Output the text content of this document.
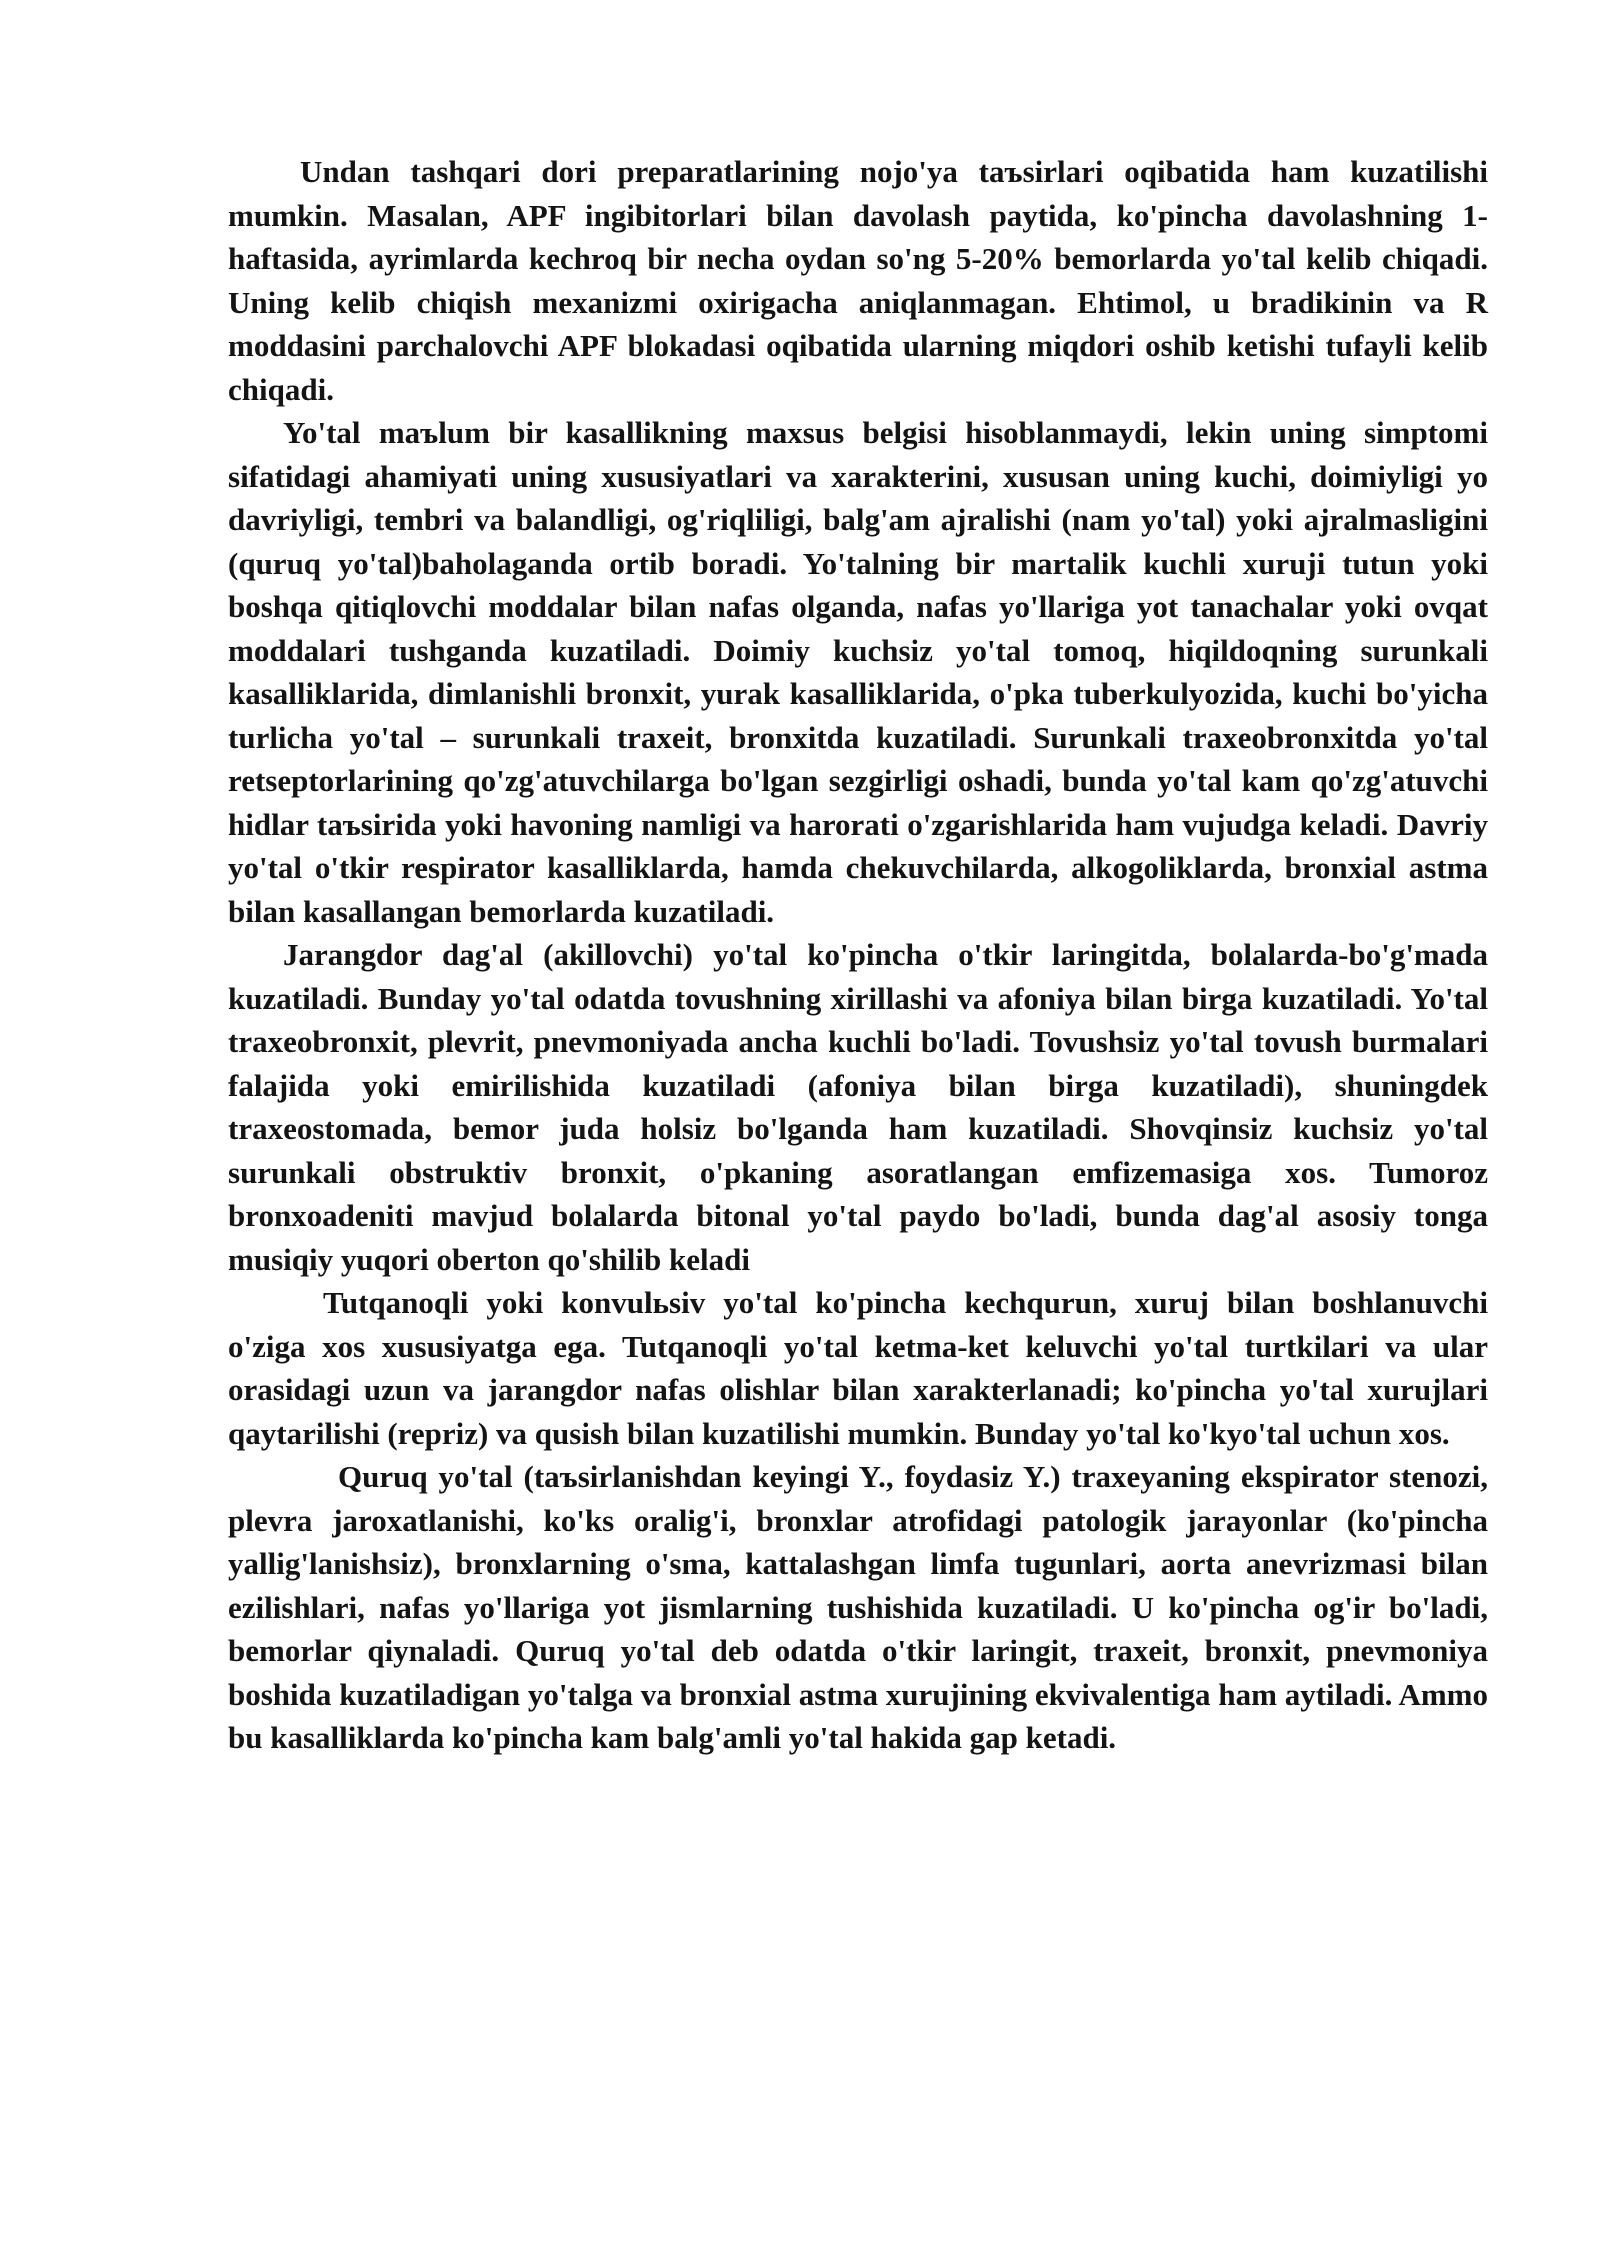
Undan tashqari dori preparatlarining nojo'ya taъsirlari oqibatida ham kuzatilishi mumkin. Masalan, APF ingibitorlari bilan davolash paytida, ko'pincha davolashning 1- haftasida, ayrimlarda kechroq bir necha oydan so'ng 5-20% bemorlarda yo'tal kelib chiqadi. Uning kelib chiqish mexanizmi oxirigacha aniqlanmagan. Ehtimol, u bradikinin va R moddasini parchalovchi APF blokadasi oqibatida ularning miqdori oshib ketishi tufayli kelib chiqadi.

Yo'tal maъlum bir kasallikning maxsus belgisi hisoblanmaydi, lekin uning simptomi sifatidagi ahamiyati uning xususiyatlari va xarakterini, xususan uning kuchi, doimiyligi yo davriyligi, tembri va balandligi, og'riqliligi, balg'am ajralishi (nam yo'tal) yoki ajralmasligini (quruq yo'tal)baholaganda ortib boradi. Yo'talning bir martalik kuchli xuruji tutun yoki boshqa qitiqlovchi moddalar bilan nafas olganda, nafas yo'llariga yot tanachalar yoki ovqat moddalari tushganda kuzatiladi. Doimiy kuchsiz yo'tal tomoq, hiqildoqning surunkali kasalliklarida, dimlanishli bronxit, yurak kasalliklarida, o'pka tuberkulyozida, kuchi bo'yicha turlicha yo'tal – surunkali traxeit, bronxitda kuzatiladi. Surunkali traxeobronxitda yo'tal retseptorlarining qo'zg'atuvchilarga bo'lgan sezgirligi oshadi, bunda yo'tal kam qo'zg'atuvchi hidlar taъsirida yoki havoning namligi va harorati o'zgarishlarida ham vujudga keladi. Davriy yo'tal o'tkir respirator kasalliklarda, hamda chekuvchilarda, alkogoliklarda, bronxial astma bilan kasallangan bemorlarda kuzatiladi.

Jarangdor dag'al (akillovchi) yo'tal ko'pincha o'tkir laringitda, bolalarda-bo'g'mada kuzatiladi. Bunday yo'tal odatda tovushning xirillashi va afoniya bilan birga kuzatiladi. Yo'tal traxeobronxit, plevrit, pnevmoniyada ancha kuchli bo'ladi. Tovushsiz yo'tal tovush burmalari falajida yoki emirilishida kuzatiladi (afoniya bilan birga kuzatiladi), shuningdek traxeostomada, bemor juda holsiz bo'lganda ham kuzatiladi. Shovqinsiz kuchsiz yo'tal surunkali obstruktiv bronxit, o'pkaning asoratlangan emfizemasiga xos. Tumoroz bronxoadeniti mavjud bolalarda bitonal yo'tal paydo bo'ladi, bunda dag'al asosiy tonga musiqiy yuqori oberton qo'shilib keladi

Tutqanoqli yoki konvulьsiv yo'tal ko'pincha kechqurun, xuruj bilan boshlanuvchi o'ziga xos xususiyatga ega. Tutqanoqli yo'tal ketma-ket keluvchi yo'tal turtkilari va ular orasidagi uzun va jarangdor nafas olishlar bilan xarakterlanadi; ko'pincha yo'tal xurujlari qaytarilishi (repriz) va qusish bilan kuzatilishi mumkin. Bunday yo'tal ko'kyo'tal uchun xos.

Quruq yo'tal (taъsirlanishdan keyingi Y., foydasiz Y.) traxeyaning ekspirator stenozi, plevra jaroxatlanishi, ko'ks oralig'i, bronxlar atrofidagi patologik jarayonlar (ko'pincha yallig'lanishsiz), bronxlarning o'sma, kattalashgan limfa tugunlari, aorta anevrizmasi bilan ezilishlari, nafas yo'llariga yot jismlarning tushishida kuzatiladi. U ko'pincha og'ir bo'ladi, bemorlar qiynaladi. Quruq yo'tal deb odatda o'tkir laringit, traxeit, bronxit, pnevmoniya boshida kuzatiladigan yo'talga va bronxial astma xurujining ekvivalentiga ham aytiladi. Ammo bu kasalliklarda ko'pincha kam balg'amli yo'tal hakida gap ketadi.
